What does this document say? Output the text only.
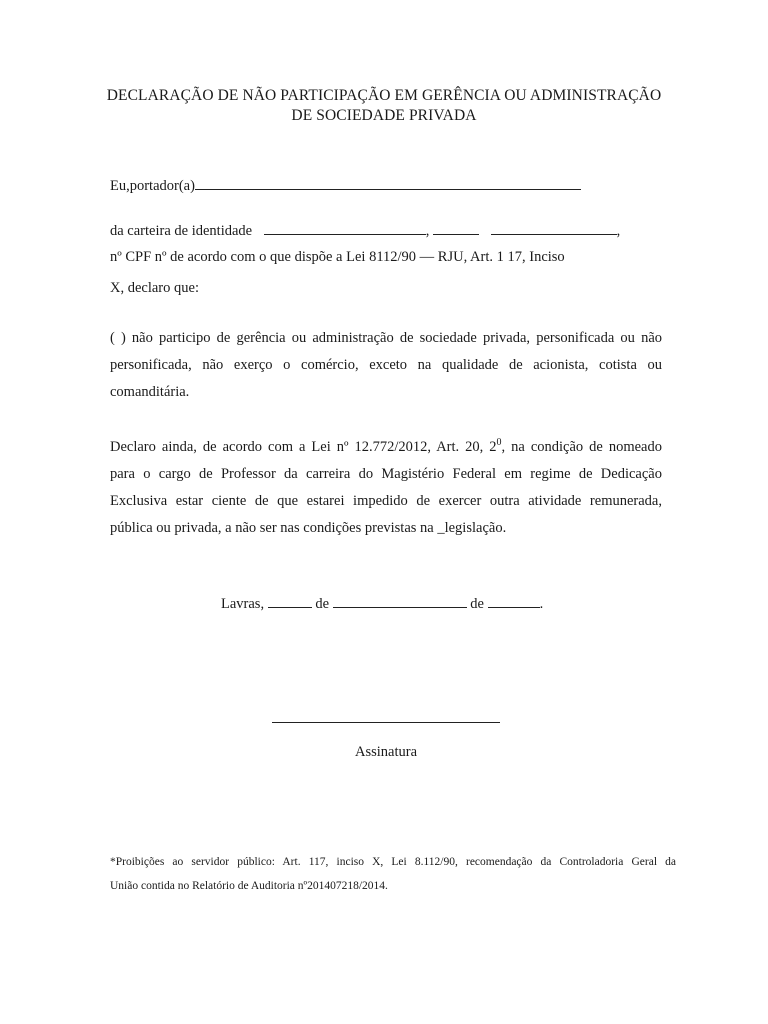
DECLARAÇÃO DE NÃO PARTICIPAÇÃO EM GERÊNCIA OU ADMINISTRAÇÃO
DE SOCIEDADE PRIVADA
Eu,portador(a)
da carteira de identidade	,	,
nº CPF nº de acordo com o que dispõe a Lei 8112/90 — RJU, Art. 1 17, Inciso
X, declaro que:
( ) não participo de gerência ou administração de sociedade privada, personificada ou não
personificada, não exerço o comércio, exceto na qualidade de acionista, cotista ou
comanditária.
Declaro ainda, de acordo com a Lei nº 12.772/2012, Art. 20, $2^0$, na condição de nomeado
para o cargo de Professor da carreira do Magistério Federal em regime de Dedicação
Exclusiva estar ciente de que estarei impedido de exercer outra atividade remunerada,
pública ou privada, a não ser nas condições previstas na _legislação.
Lavras,	de	de	.
Assinatura
*Proibições ao servidor público: Art. 117, inciso X, Lei 8.112/90, recomendação da Controladoria Geral da
União contida no Relatório de Auditoria nº201407218/2014.
